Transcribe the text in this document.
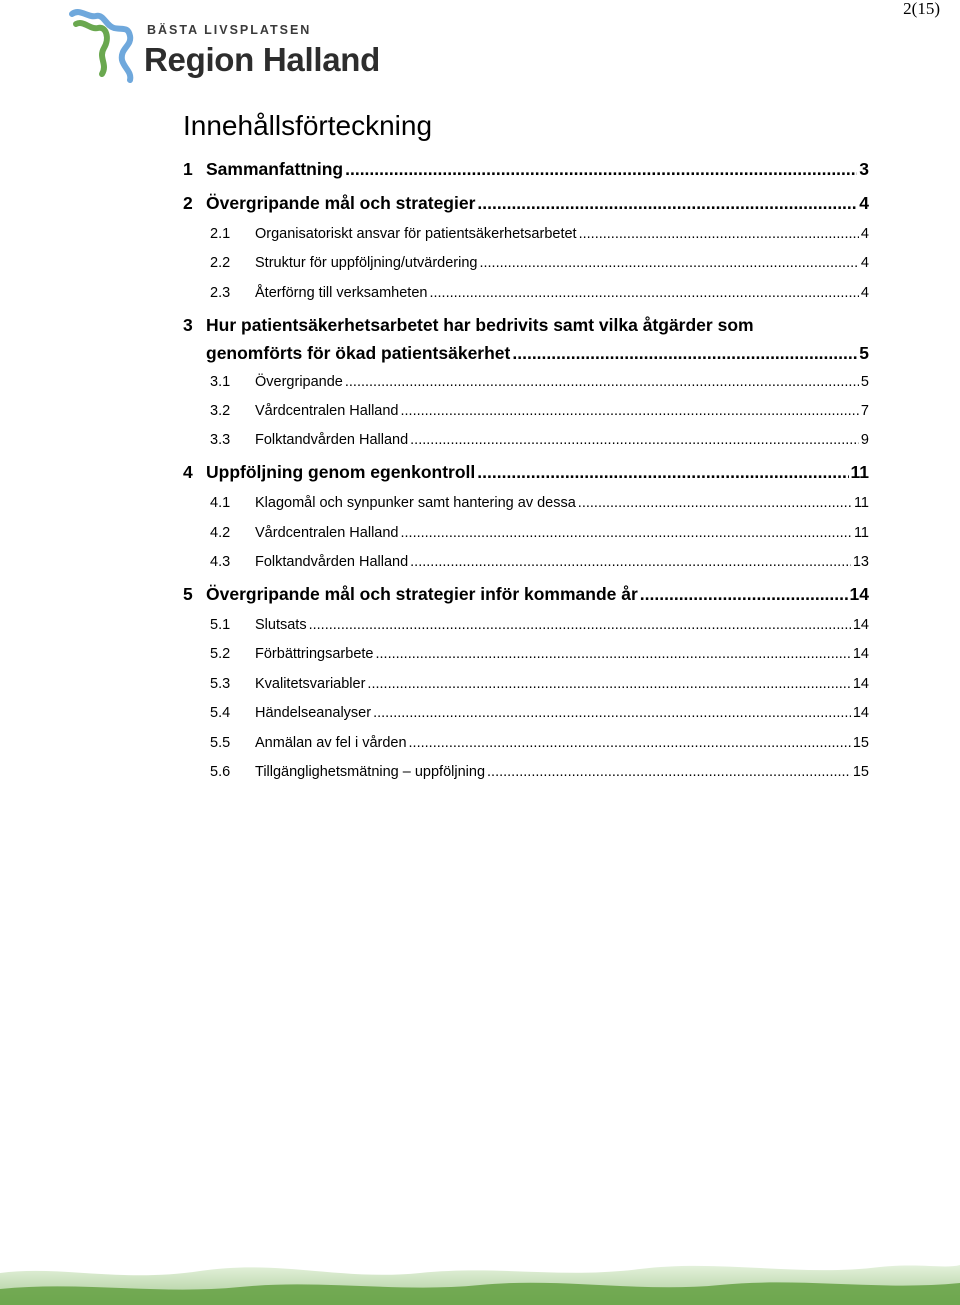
2(15)
BÄSTA LIVSPLATSEN
Region Halland
Innehållsförteckning
1 Sammanfattning .....	3
2 Övergripande mål och strategier .....	4
2.1	Organisatoriskt ansvar för patientsäkerhetsarbetet .....	4
2.2	Struktur för uppföljning/utvärdering .....	4
2.3	Återförng till verksamheten .....	4
3 Hur patientsäkerhetsarbetet har bedrivits samt vilka åtgärder som
genomförts för ökad patientsäkerhet .....	5
3.1	Övergripande .....	5
3.2	Vårdcentralen Halland .....	7
3.3	Folktandvården Halland .....	9
4 Uppföljning genom egenkontroll .....	11
4.1	Klagomål och synpunker samt hantering av dessa .....	11
4.2	Vårdcentralen Halland .....	11
4.3	Folktandvården Halland .....	13
5 Övergripande mål och strategier inför kommande år .....	14
5.1	Slutsats .....	14
5.2	Förbättringsarbete .....	14
5.3	Kvalitetsvariabler .....	14
5.4	Händelseanalyser .....	14
5.5	Anmälan av fel i vården .....	15
5.6	Tillgänglighetsmätning – uppföljning .....	15
